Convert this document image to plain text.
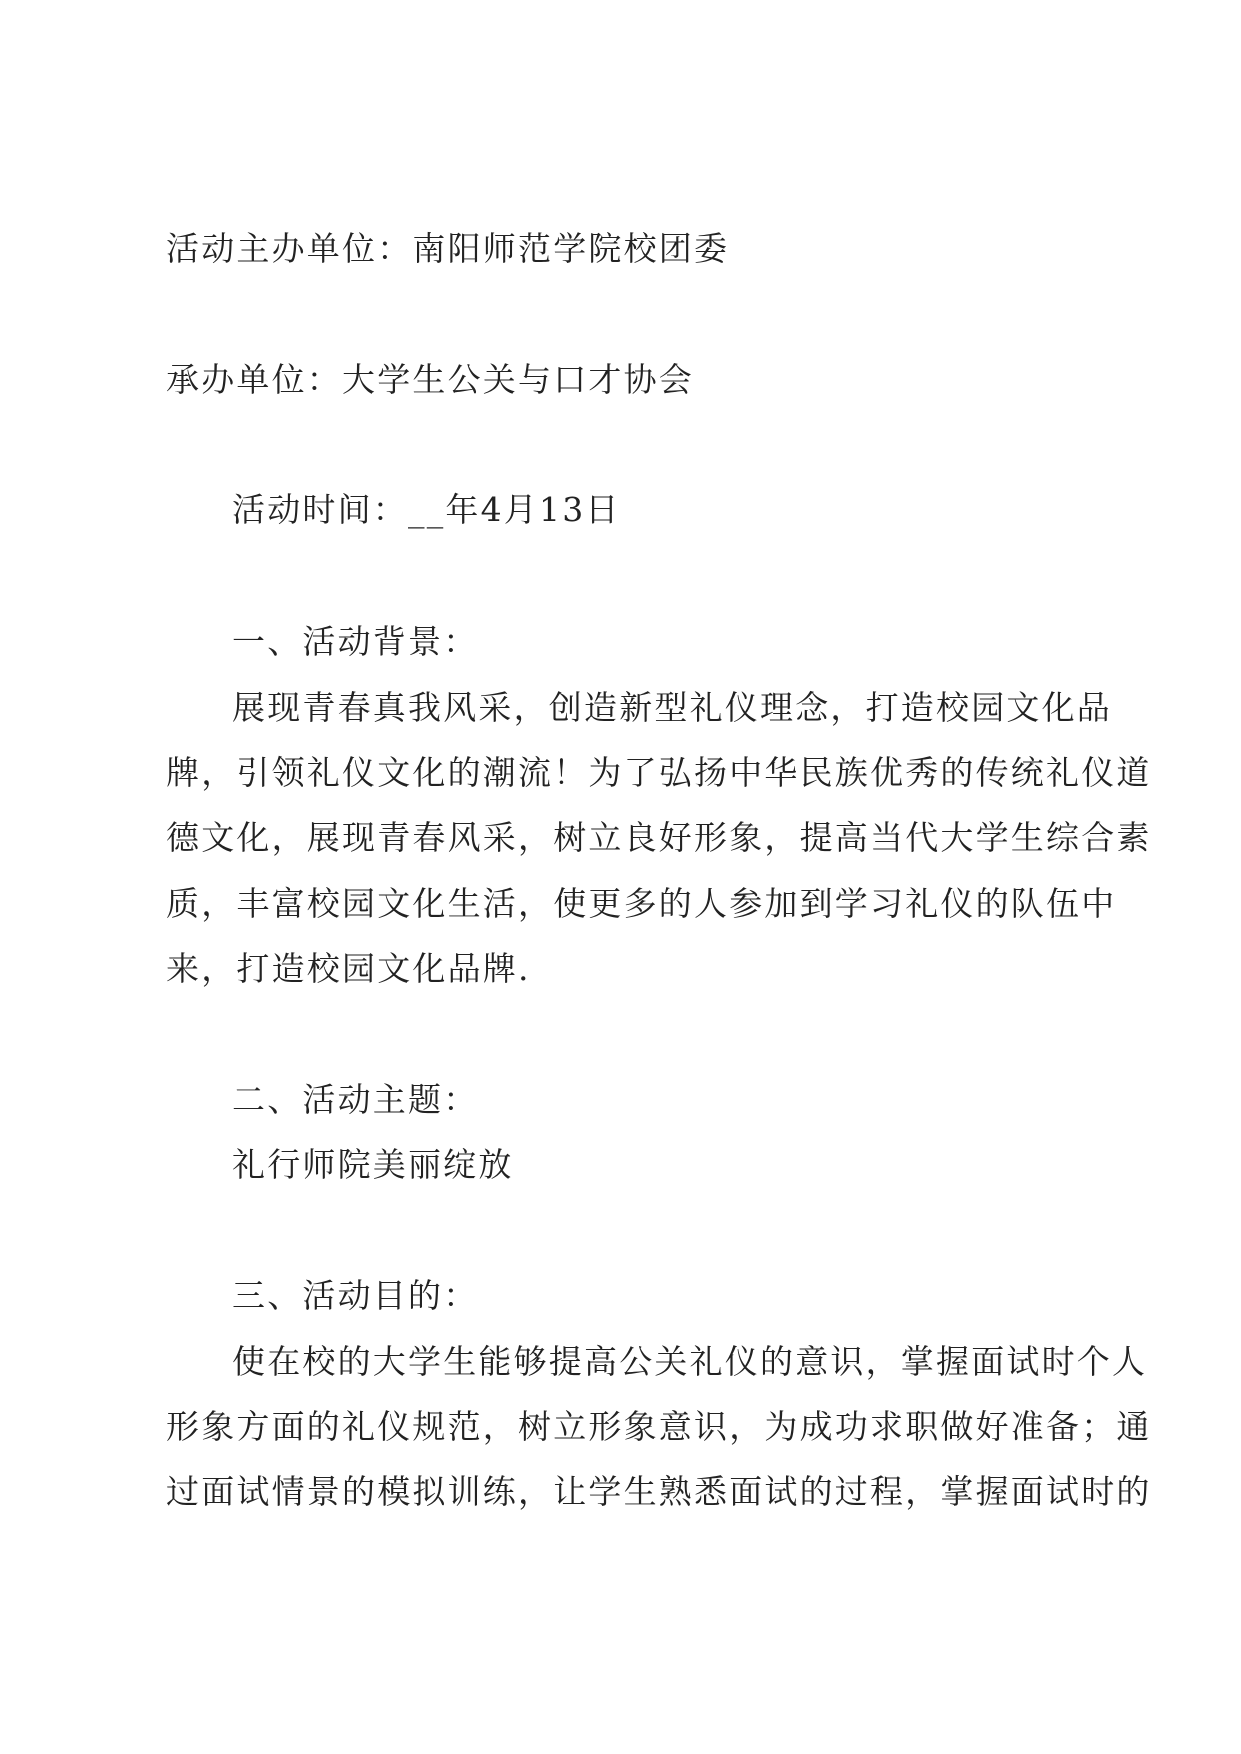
活动主办单位：南阳师范学院校团委
承办单位：大学生公关与口才协会
活动时间：__年4月13日
一、活动背景：
展现青春真我风采，创造新型礼仪理念，打造校园文化品
牌，引领礼仪文化的潮流！为了弘扬中华民族优秀的传统礼仪道
德文化，展现青春风采，树立良好形象，提高当代大学生综合素
质，丰富校园文化生活，使更多的人参加到学习礼仪的队伍中
来，打造校园文化品牌.
二、活动主题：
礼行师院美丽绽放
三、活动目的：
使在校的大学生能够提高公关礼仪的意识，掌握面试时个人
形象方面的礼仪规范，树立形象意识，为成功求职做好准备；通
过面试情景的模拟训练，让学生熟悉面试的过程，掌握面试时的
